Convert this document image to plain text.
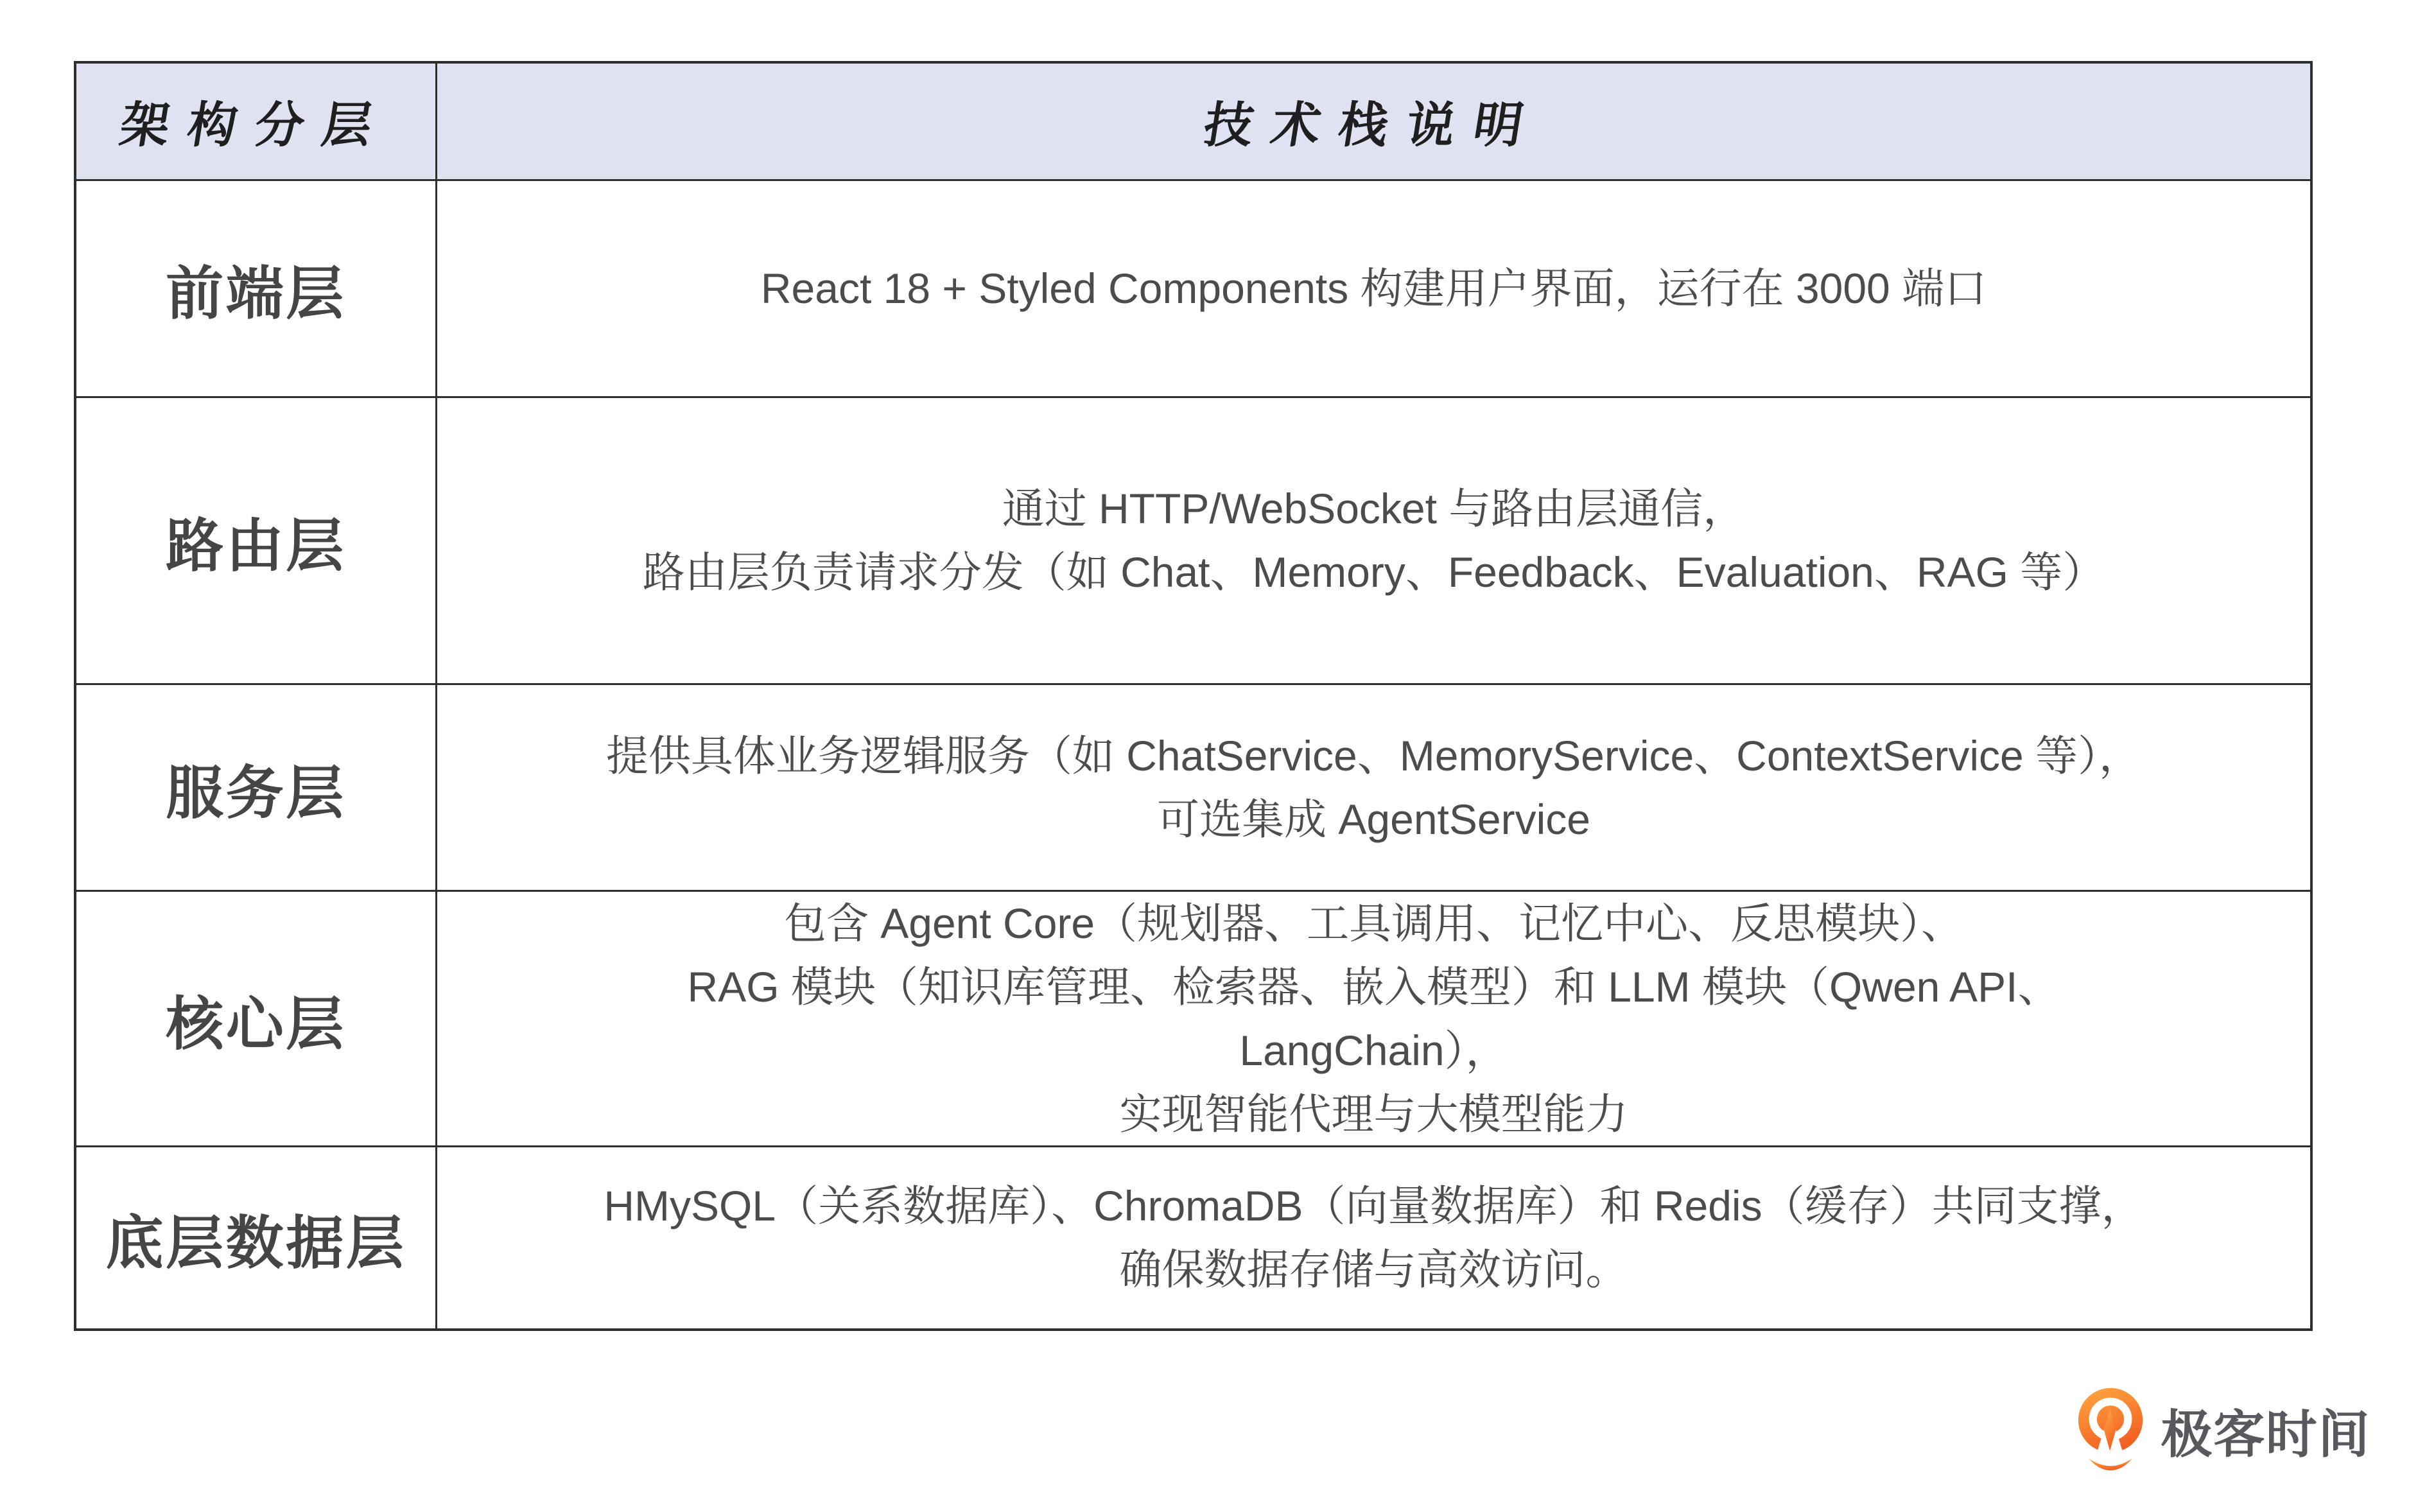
架构分层	技术栈说明
前端层	React 18 + Styled Components 构建用户界面，运行在 3000 端口
路由层
通过 HTTP/WebSocket 与路由层通信，
路由层负责请求分发（如 Chat、Memory、Feedback、Evaluation、RAG 等）
服务层
提供具体业务逻辑服务（如 ChatService、MemoryService、ContextService 等），
可选集成 AgentService
核心层
包含 Agent Core（规划器、工具调用、记忆中心、反思模块）、
RAG 模块（知识库管理、检索器、嵌入模型）和 LLM 模块（Qwen API、
LangChain），
实现智能代理与大模型能力
底层数据层
HMySQL（关系数据库）、ChromaDB（向量数据库）和 Redis（缓存）共同支撑，
确保数据存储与高效访问。
极客时间
